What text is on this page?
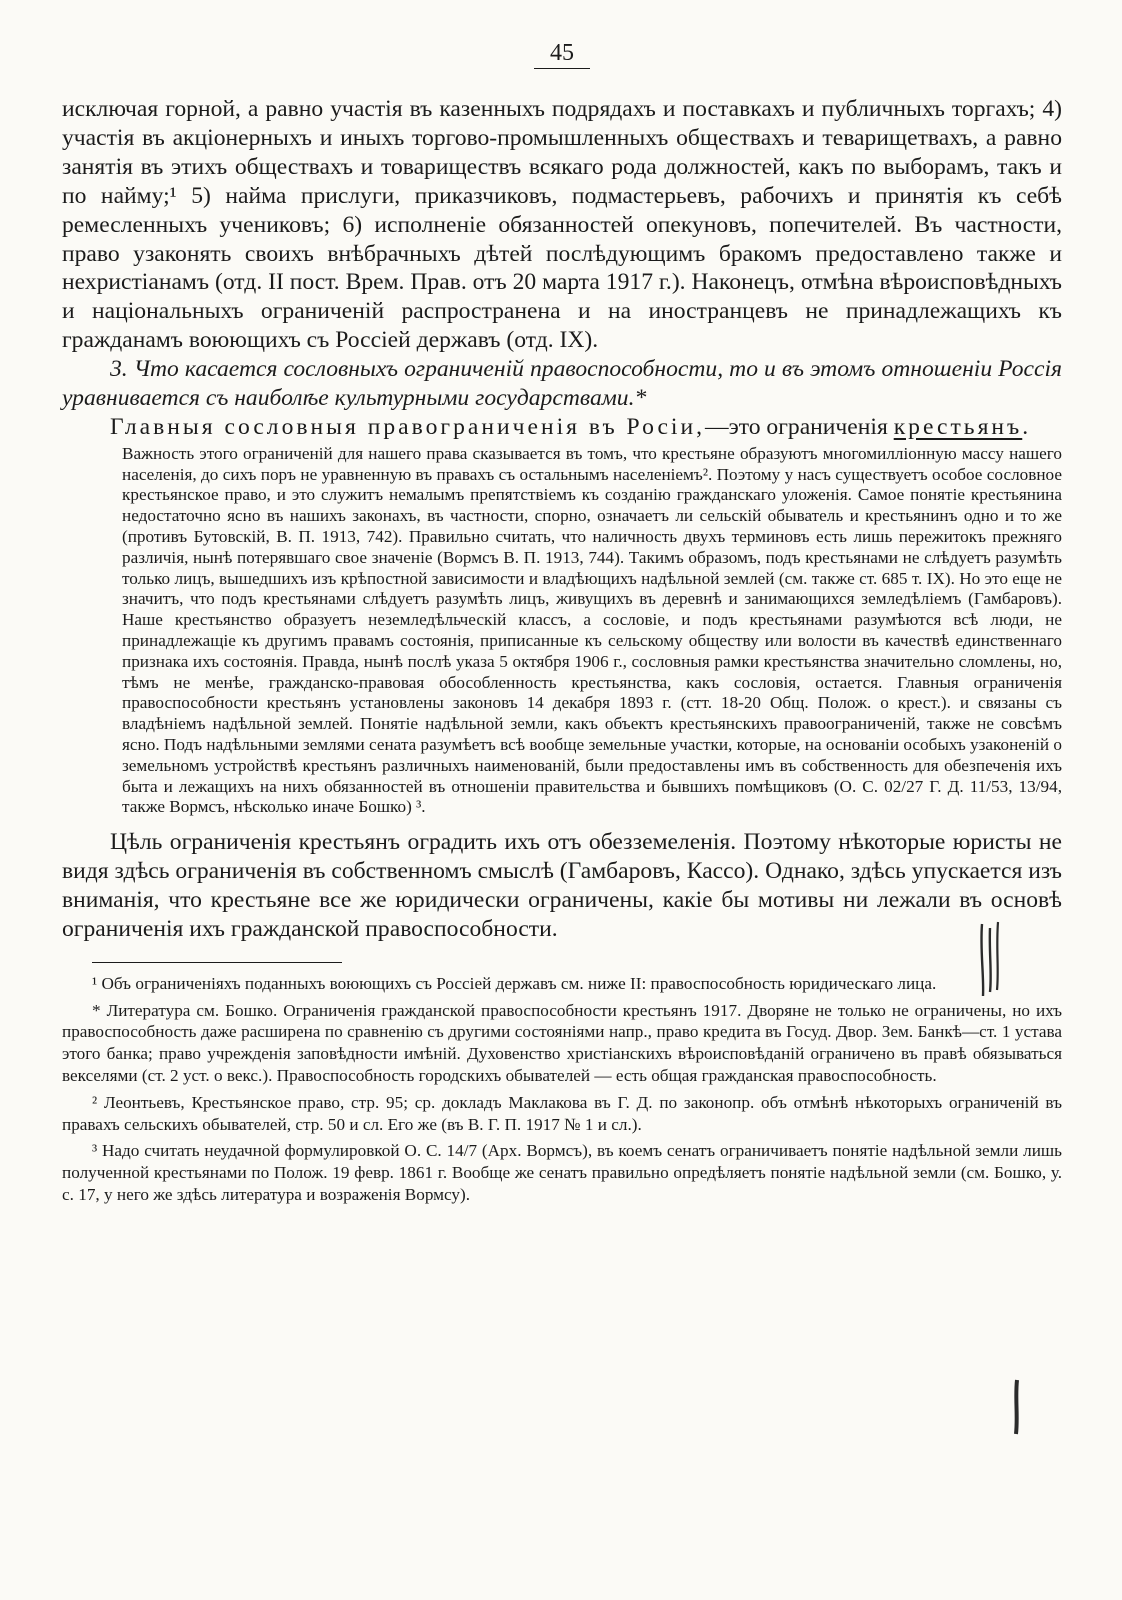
45

исключая горной, а равно участія въ казенныхъ подрядахъ и поставкахъ и публичныхъ торгахъ; 4) участія въ акціонерныхъ и иныхъ торгово-промышленныхъ обществахъ и теварищетвахъ, а равно занятія въ этихъ обществахъ и товариществъ всякаго рода должностей, какъ по выборамъ, такъ и по найму;¹ 5) найма прислуги, приказчиковъ, подмастерьевъ, рабочихъ и принятія къ себѣ ремесленныхъ учениковъ; 6) исполненіе обязанностей опекуновъ, попечителей. Въ частности, право узаконять своихъ внѣбрачныхъ дѣтей послѣдующимъ бракомъ предоставлено также и нехристіанамъ (отд. II пост. Врем. Прав. отъ 20 марта 1917 г.). Наконецъ, отмѣна вѣроисповѣдныхъ и національныхъ ограниченій распространена и на иностранцевъ не принадлежащихъ къ гражданамъ воюющихъ съ Россіей державъ (отд. IX).

3. Что касается сословныхъ ограниченій правоспособности, то и въ этомъ отношеніи Россія уравнивается съ наиболѣе культурными государствами.*

Главныя сословныя правограниченія въ Росіи,—это ограниченія крестьянъ.

Важность этого ограниченій для нашего права сказывается въ томъ, что крестьяне образуютъ многомилліонную массу нашего населенія, до сихъ поръ не уравненную въ правахъ съ остальнымъ населеніемъ². Поэтому у насъ существуетъ особое сословное крестьянское право, и это служитъ немалымъ препятствіемъ къ созданію гражданскаго уложенія. Самое понятіе крестьянина недостаточно ясно въ нашихъ законахъ, въ частности, спорно, означаетъ ли сельскій обыватель и крестьянинъ одно и то же (противъ Бутовскій, В. П. 1913, 742). Правильно считать, что наличность двухъ терминовъ есть лишь пережитокъ прежняго различія, нынѣ потерявшаго свое значеніе (Вормсъ В. П. 1913, 744). Такимъ образомъ, подъ крестьянами не слѣдуетъ разумѣть только лицъ, вышедшихъ изъ крѣпостной зависимости и владѣющихъ надѣльной землей (см. также ст. 685 т. IX). Но это еще не значитъ, что подъ крестьянами слѣдуетъ разумѣть лицъ, живущихъ въ деревнѣ и занимающихся земледѣліемъ (Гамбаровъ). Наше крестьянство образуетъ неземледѣльческій классъ, а сословіе, и подъ крестьянами разумѣются всѣ люди, не принадлежащіе къ другимъ правамъ состоянія, приписанные къ сельскому обществу или волости въ качествѣ единственнаго признака ихъ состоянія. Правда, нынѣ послѣ указа 5 октября 1906 г., сословныя рамки крестьянства значительно сломлены, но, тѣмъ не менѣе, гражданско-правовая обособленность крестьянства, какъ сословія, остается. Главныя ограниченія правоспособности крестьянъ установлены законовъ 14 декабря 1893 г. (стт. 18-20 Общ. Полож. о крест.). и связаны съ владѣніемъ надѣльной землей. Понятіе надѣльной земли, какъ объектъ крестьянскихъ правоограниченій, также не совсѣмъ ясно. Подъ надѣльными землями сената разумѣетъ всѣ вообще земельные участки, которые, на основаніи особыхъ узаконеній о земельномъ устройствѣ крестьянъ различныхъ наименованій, были предоставлены имъ въ собственность для обезпеченія ихъ быта и лежащихъ на нихъ обязанностей въ отношеніи правительства и бывшихъ помѣщиковъ (О. С. 02/27 Г. Д. 11/53, 13/94, также Вормсъ, нѣсколько иначе Бошко) ³.

Цѣль ограниченія крестьянъ оградить ихъ отъ обезземеленія. Поэтому нѣкоторые юристы не видя здѣсь ограниченія въ собственномъ смыслѣ (Гамбаровъ, Кассо). Однако, здѣсь упускается изъ вниманія, что крестьяне все же юридически ограничены, какіе бы мотивы ни лежали въ основѣ ограниченія ихъ гражданской правоспособности.

¹ Объ ограниченіяхъ поданныхъ воюющихъ съ Россіей державъ см. ниже II: правоспособность юридическаго лица.

* Литература см. Бошко. Ограниченія гражданской правоспособности крестьянъ 1917. Дворяне не только не ограничены, но ихъ правоспособность даже расширена по сравненію съ другими состояніями напр., право кредита въ Госуд. Двор. Зем. Банкѣ—ст. 1 устава этого банка; право учрежденія заповѣдности имѣній. Духовенство христіанскихъ вѣроисповѣданій ограничено въ правѣ обязываться векселями (ст. 2 уст. о векс.). Правоспособность городскихъ обывателей — есть общая гражданская правоспособность.

² Леонтьевъ, Крестьянское право, стр. 95; ср. докладъ Маклакова въ Г. Д. по законопр. объ отмѣнѣ нѣкоторыхъ ограниченій въ правахъ сельскихъ обывателей, стр. 50 и сл. Его же (въ В. Г. П. 1917 № 1 и сл.).

³ Надо считать неудачной формулировкой О. С. 14/7 (Арх. Вормсъ), въ коемъ сенатъ ограничиваетъ понятіе надѣльной земли лишь полученной крестьянами по Полож. 19 февр. 1861 г. Вообще же сенатъ правильно опредѣляетъ понятіе надѣльной земли (см. Бошко, у. с. 17, у него же здѣсь литература и возраженія Вормсу).
